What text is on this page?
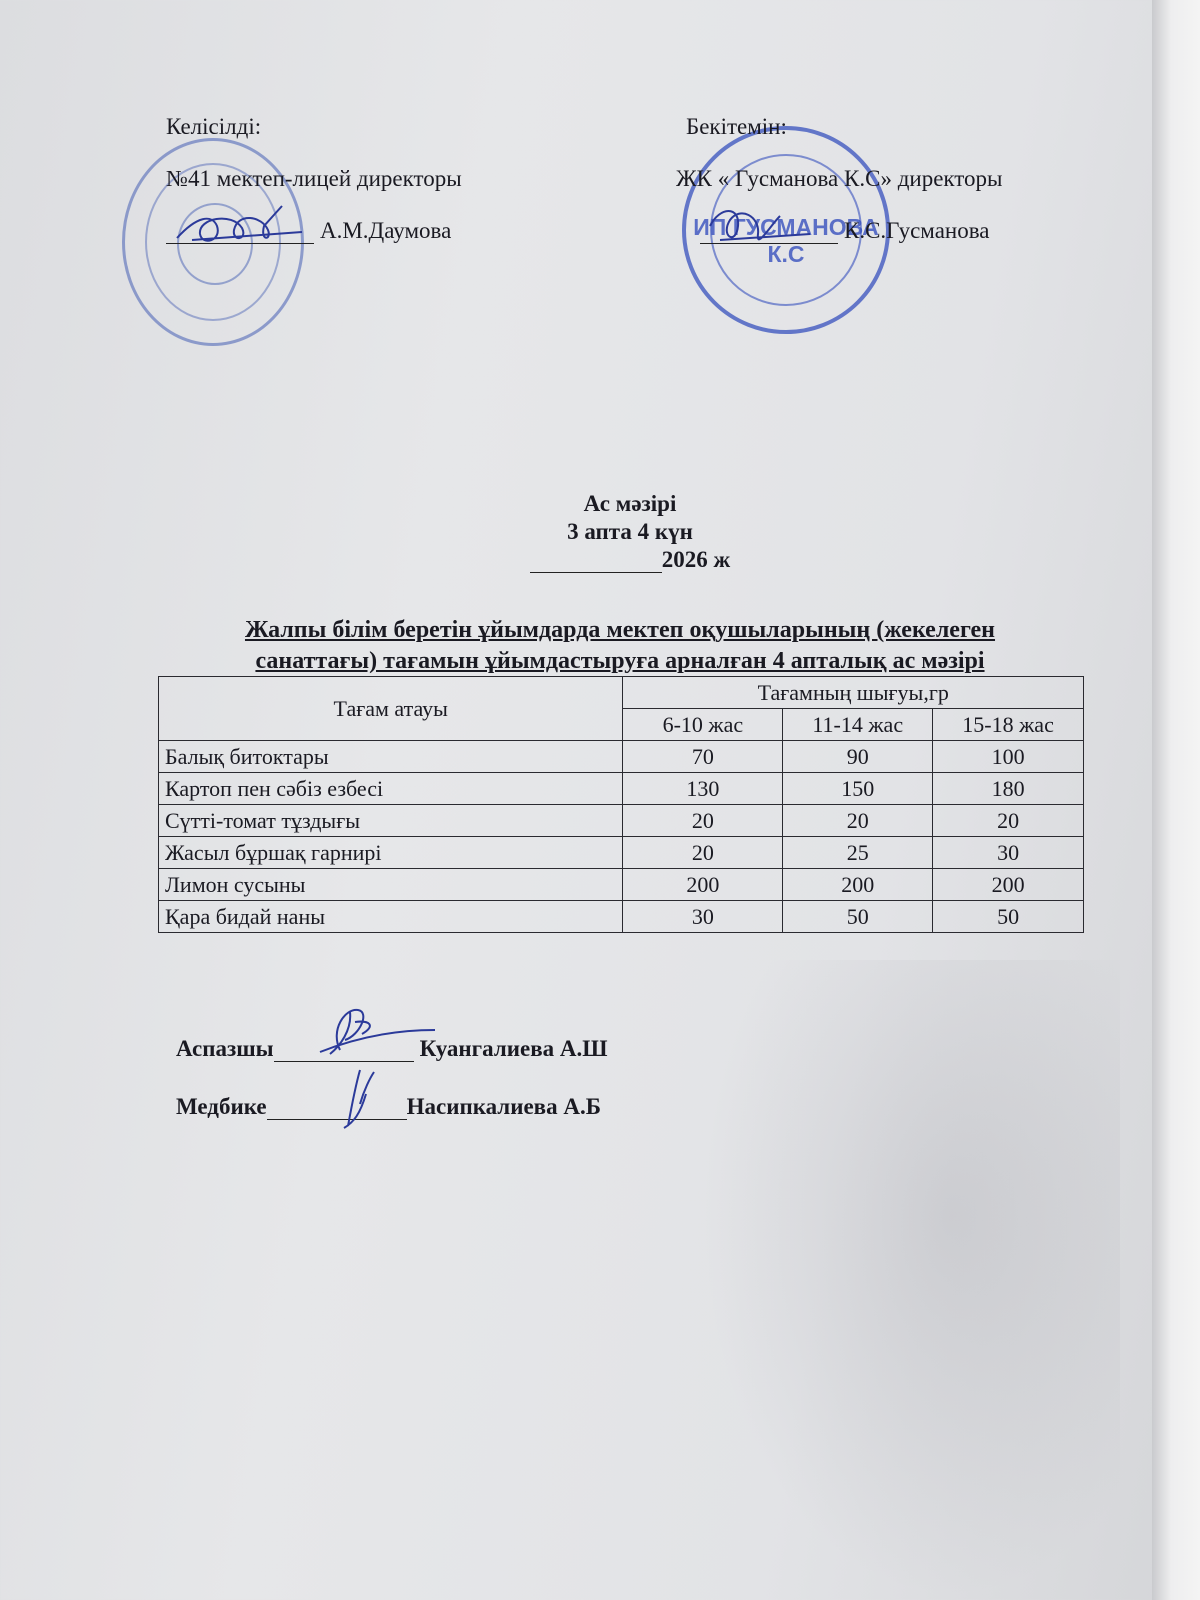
ИП ГУСМАНОВА К.С
Келісілді:
№41 мектеп-лицей директоры
А.М.Даумова
Бекітемін:
ЖК « Гусманова К.С» директоры
К.С.Гусманова
Ас мәзірі
3 апта 4 күн
2026 ж
Жалпы білім беретін ұйымдарда мектеп оқушыларының (жекелеген санаттағы) тағамын ұйымдастыруға арналған 4 апталық ас мәзірі
Тағам атауы	Тағамның шығуы,гр		
	6-10 жас	11-14 жас	15-18 жас
Балық битоктары	70	90	100
Картоп пен сәбіз езбесі	130	150	180
Сүтті-томат тұздығы	20	20	20
Жасыл бұршақ гарнирі	20	25	30
Лимон сусыны	200	200	200
Қара бидай наны	30	50	50
Аспазшы	Куангалиева А.Ш
Медбике	Насипкалиева А.Б
